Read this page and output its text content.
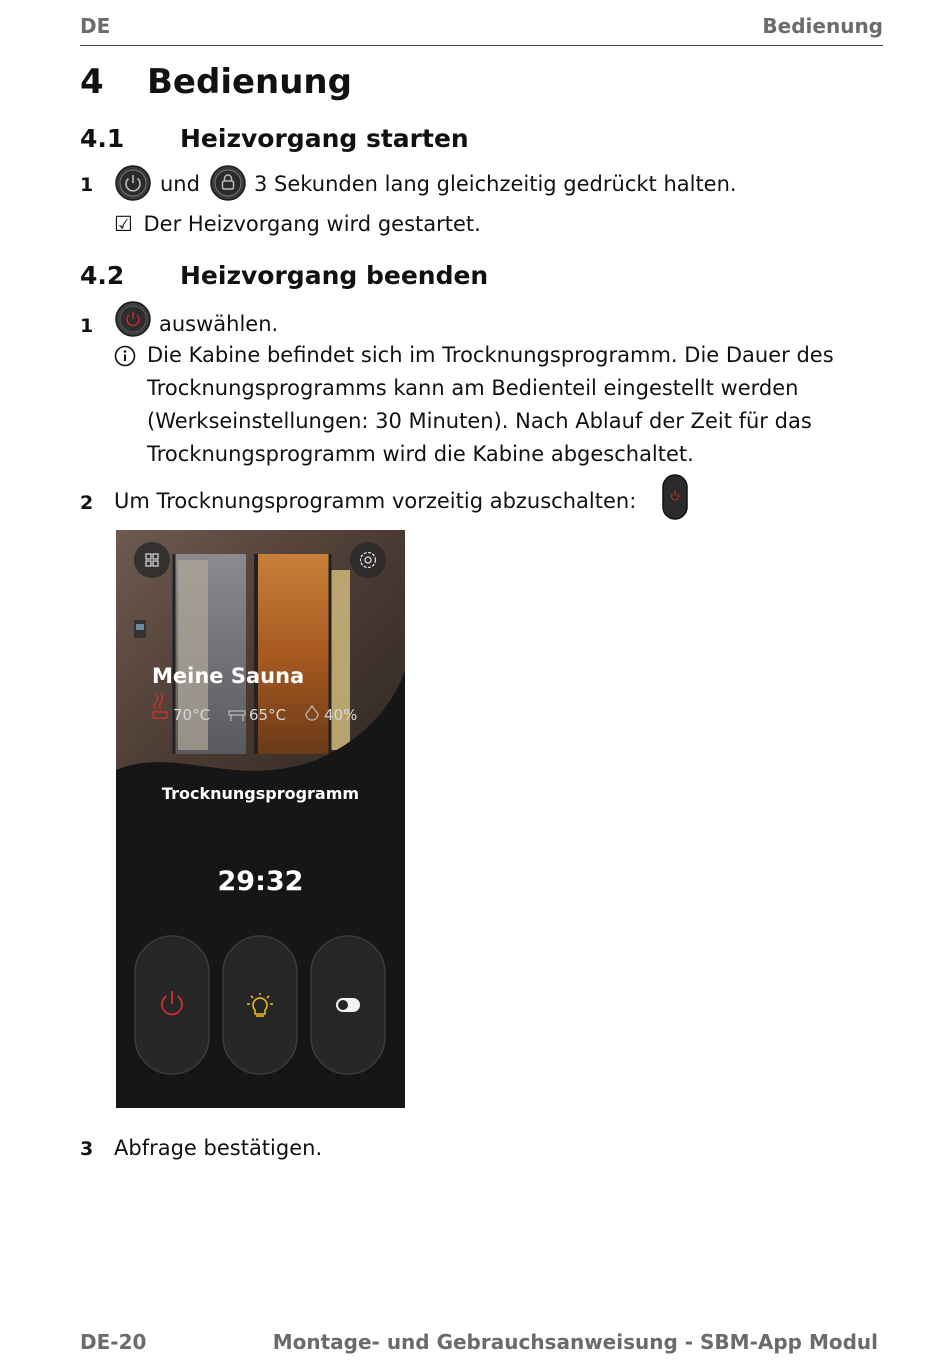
DE	Bedienung
4 Bedienung
4.1 Heizvorgang starten
1	und	3 Sekunden lang gleichzeitig gedrückt halten.
☑ Der Heizvorgang wird gestartet.
4.2 Heizvorgang beenden
1	auswählen.
Die Kabine befindet sich im Trocknungsprogramm. Die Dauer des
Trocknungsprogramms kann am Bedienteil eingestellt werden
(Werkseinstellungen: 30 Minuten). Nach Ablauf der Zeit für das
Trocknungsprogramm wird die Kabine abgeschaltet.
2 Um Trocknungsprogramm vorzeitig abzuschalten:
Meine Sauna
70°C	65°C	40%
Trocknungsprogramm
29:32
3 Abfrage bestätigen.
DE-20	Montage- und Gebrauchsanweisung - SBM-App Modul
